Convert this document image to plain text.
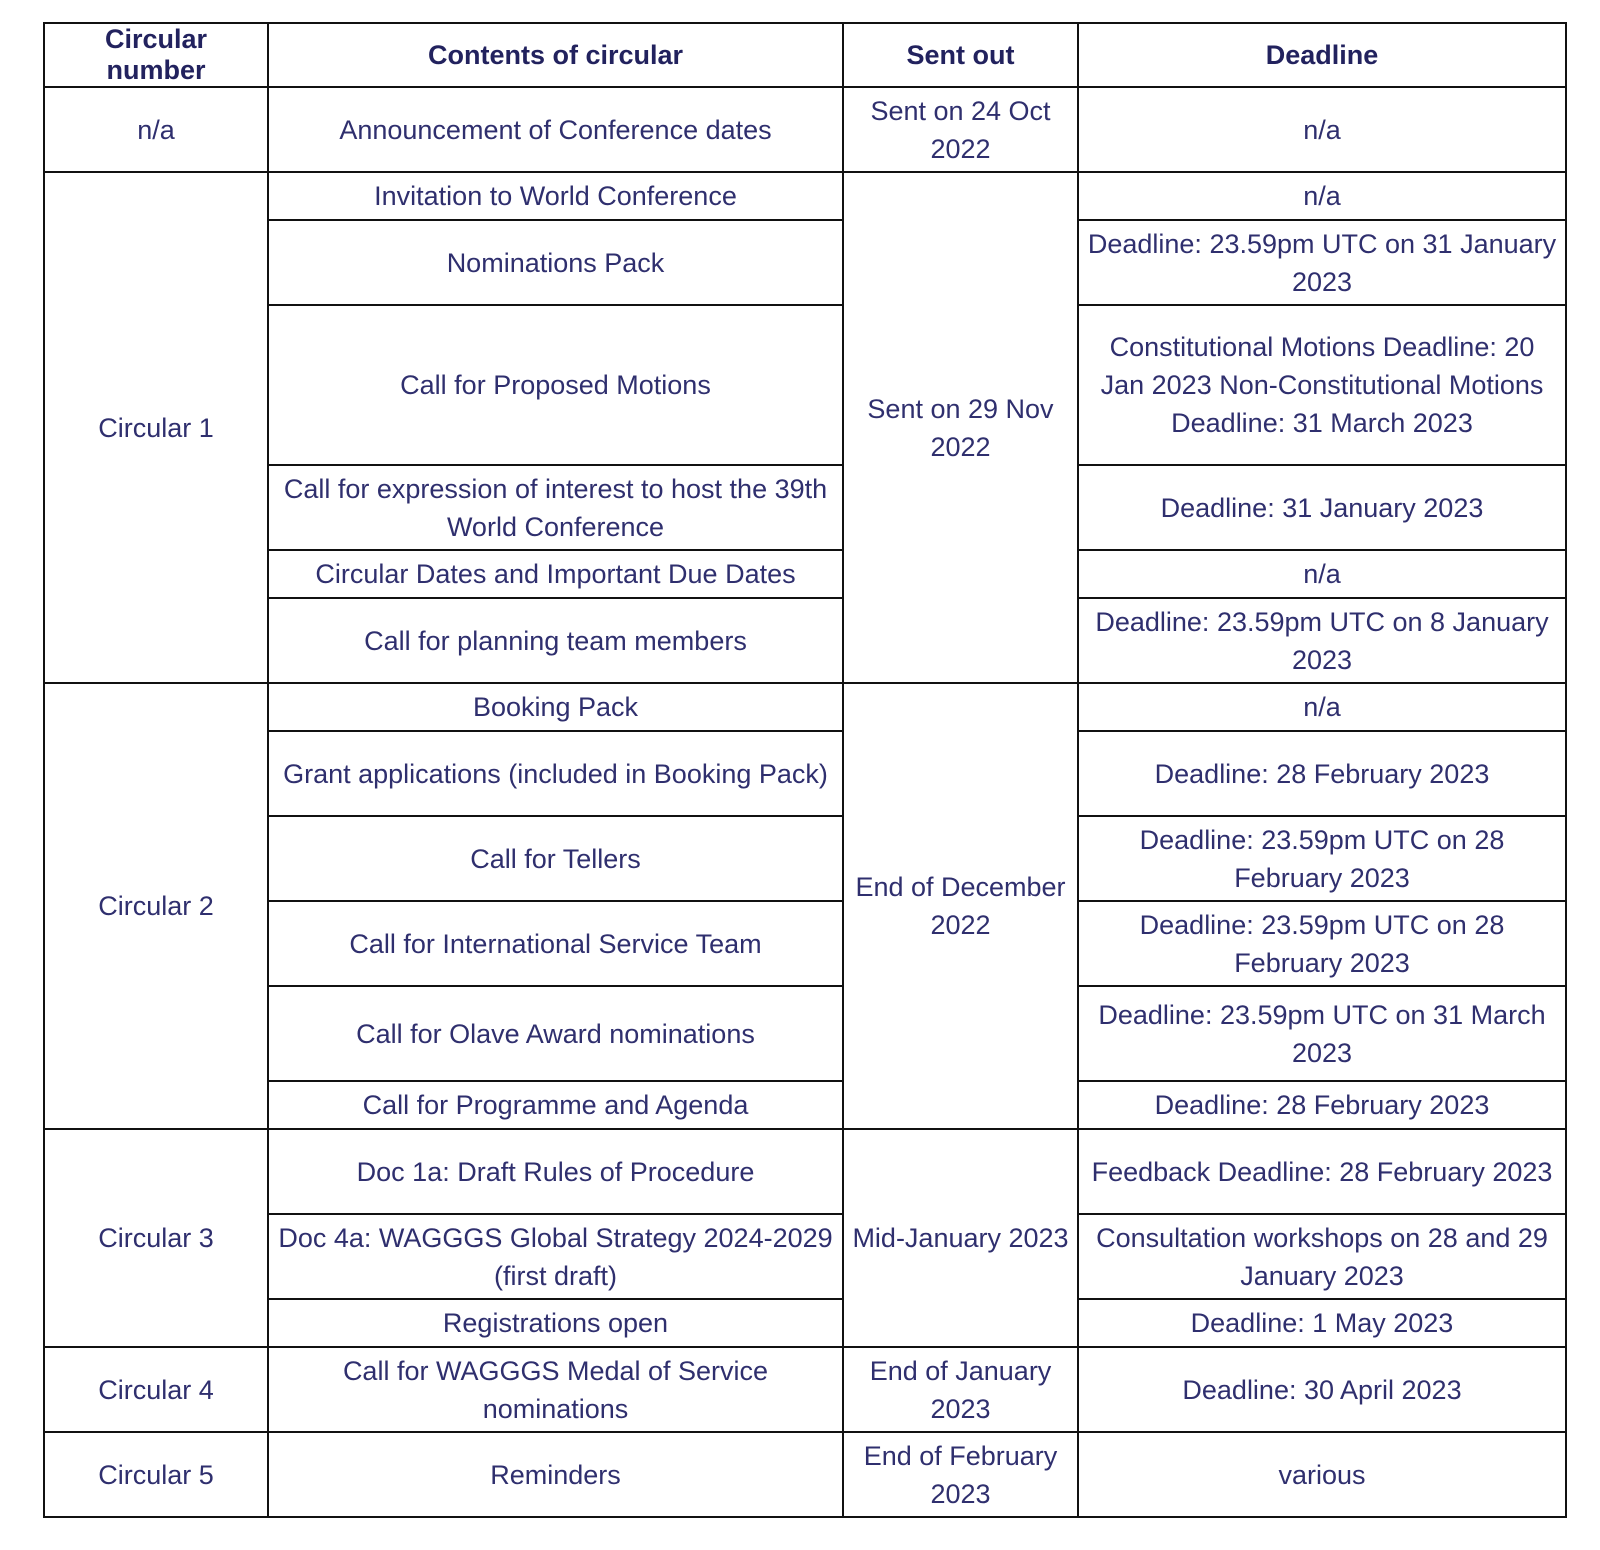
Circular number	Contents of circular	Sent out	Deadline
n/a	Announcement of Conference dates	Sent on 24 Oct 2022	n/a
Circular 1	Invitation to World Conference	Sent on 29 Nov 2022	n/a
	Nominations Pack		Deadline: 23.59pm UTC on 31 January 2023
	Call for Proposed Motions		Constitutional Motions Deadline: 20 Jan 2023 Non-Constitutional Motions Deadline: 31 March 2023
	Call for expression of interest to host the 39th World Conference		Deadline: 31 January 2023
	Circular Dates and Important Due Dates		n/a
	Call for planning team members		Deadline: 23.59pm UTC on 8 January 2023
Circular 2	Booking Pack	End of December 2022	n/a
	Grant applications (included in Booking Pack)		Deadline: 28 February 2023
	Call for Tellers		Deadline: 23.59pm UTC on 28 February 2023
	Call for International Service Team		Deadline: 23.59pm UTC on 28 February 2023
	Call for Olave Award nominations		Deadline: 23.59pm UTC on 31 March 2023
	Call for Programme and Agenda		Deadline: 28 February 2023
Circular 3	Doc 1a: Draft Rules of Procedure	Mid-January 2023	Feedback Deadline: 28 February 2023
	Doc 4a: WAGGGS Global Strategy 2024-2029 (first draft)		Consultation workshops on 28 and 29 January 2023
	Registrations open		Deadline: 1 May 2023
Circular 4	Call for WAGGGS Medal of Service nominations	End of January 2023	Deadline: 30 April 2023
Circular 5	Reminders	End of February 2023	various
